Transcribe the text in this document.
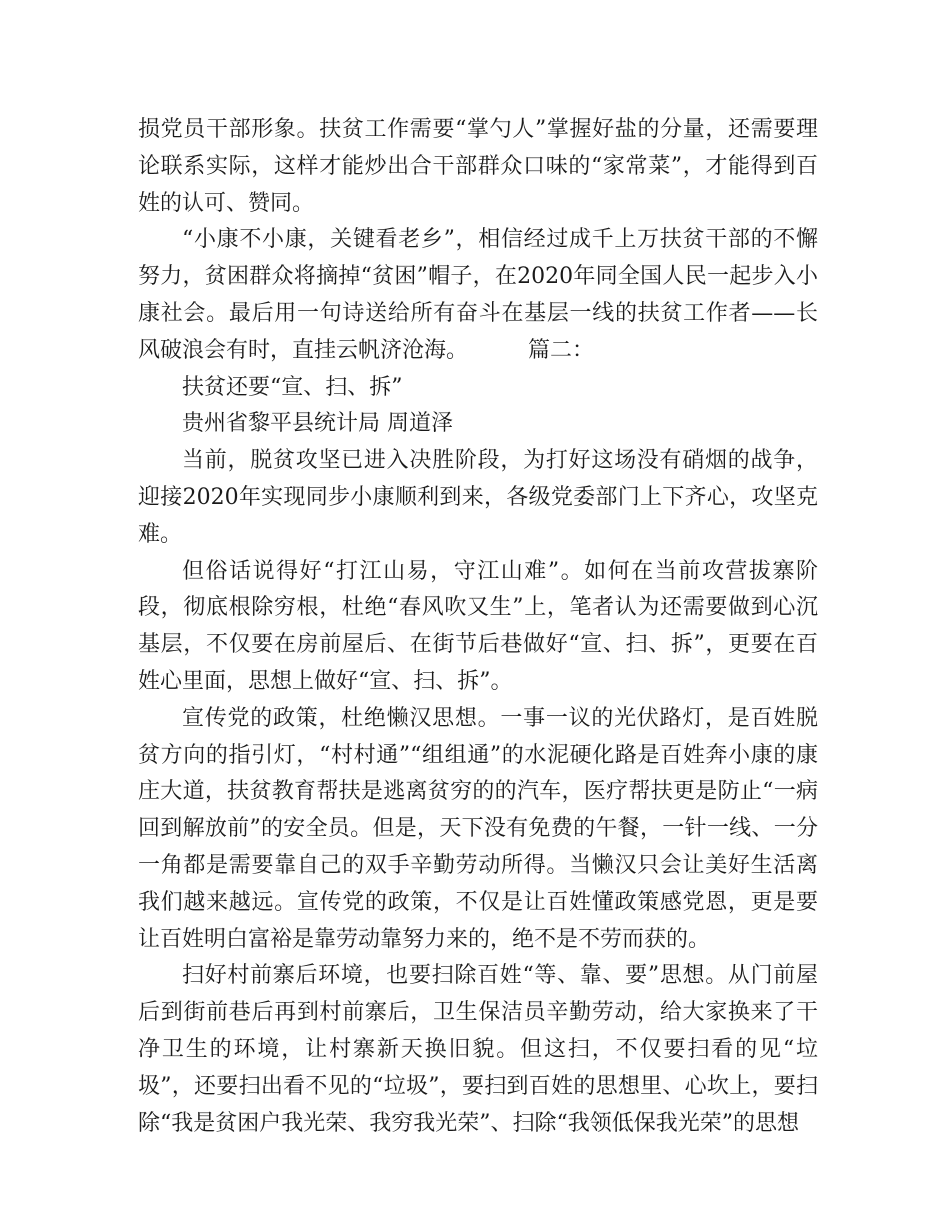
损党员干部形象。扶贫工作需要“掌勺人”掌握好盐的分量，还需要理论联系实际，这样才能炒出合干部群众口味的“家常菜”，才能得到百姓的认可、赞同。

“小康不小康，关键看老乡”，相信经过成千上万扶贫干部的不懈努力，贫困群众将摘掉“贫困”帽子，在2020年同全国人民一起步入小康社会。最后用一句诗送给所有奋斗在基层一线的扶贫工作者——长风破浪会有时，直挂云帆济沧海。	篇二：

扶贫还要“宣、扫、拆”

贵州省黎平县统计局 周道泽

当前，脱贫攻坚已进入决胜阶段，为打好这场没有硝烟的战争，迎接2020年实现同步小康顺利到来，各级党委部门上下齐心，攻坚克难。

但俗话说得好“打江山易，守江山难”。如何在当前攻营拔寨阶段，彻底根除穷根，杜绝“春风吹又生”上，笔者认为还需要做到心沉基层，不仅要在房前屋后、在街节后巷做好“宣、扫、拆”，更要在百姓心里面，思想上做好“宣、扫、拆”。

宣传党的政策，杜绝懒汉思想。一事一议的光伏路灯，是百姓脱贫方向的指引灯，“村村通”“组组通”的水泥硬化路是百姓奔小康的康庄大道，扶贫教育帮扶是逃离贫穷的的汽车，医疗帮扶更是防止“一病回到解放前”的安全员。但是，天下没有免费的午餐，一针一线、一分一角都是需要靠自己的双手辛勤劳动所得。当懒汉只会让美好生活离我们越来越远。宣传党的政策，不仅是让百姓懂政策感党恩，更是要让百姓明白富裕是靠劳动靠努力来的，绝不是不劳而获的。

扫好村前寨后环境，也要扫除百姓“等、靠、要”思想。从门前屋后到街前巷后再到村前寨后，卫生保洁员辛勤劳动，给大家换来了干净卫生的环境，让村寨新天换旧貌。但这扫，不仅要扫看的见“垃圾”，还要扫出看不见的“垃圾”，要扫到百姓的思想里、心坎上，要扫除“我是贫困户我光荣、我穷我光荣”、扫除“我领低保我光荣”的思想
